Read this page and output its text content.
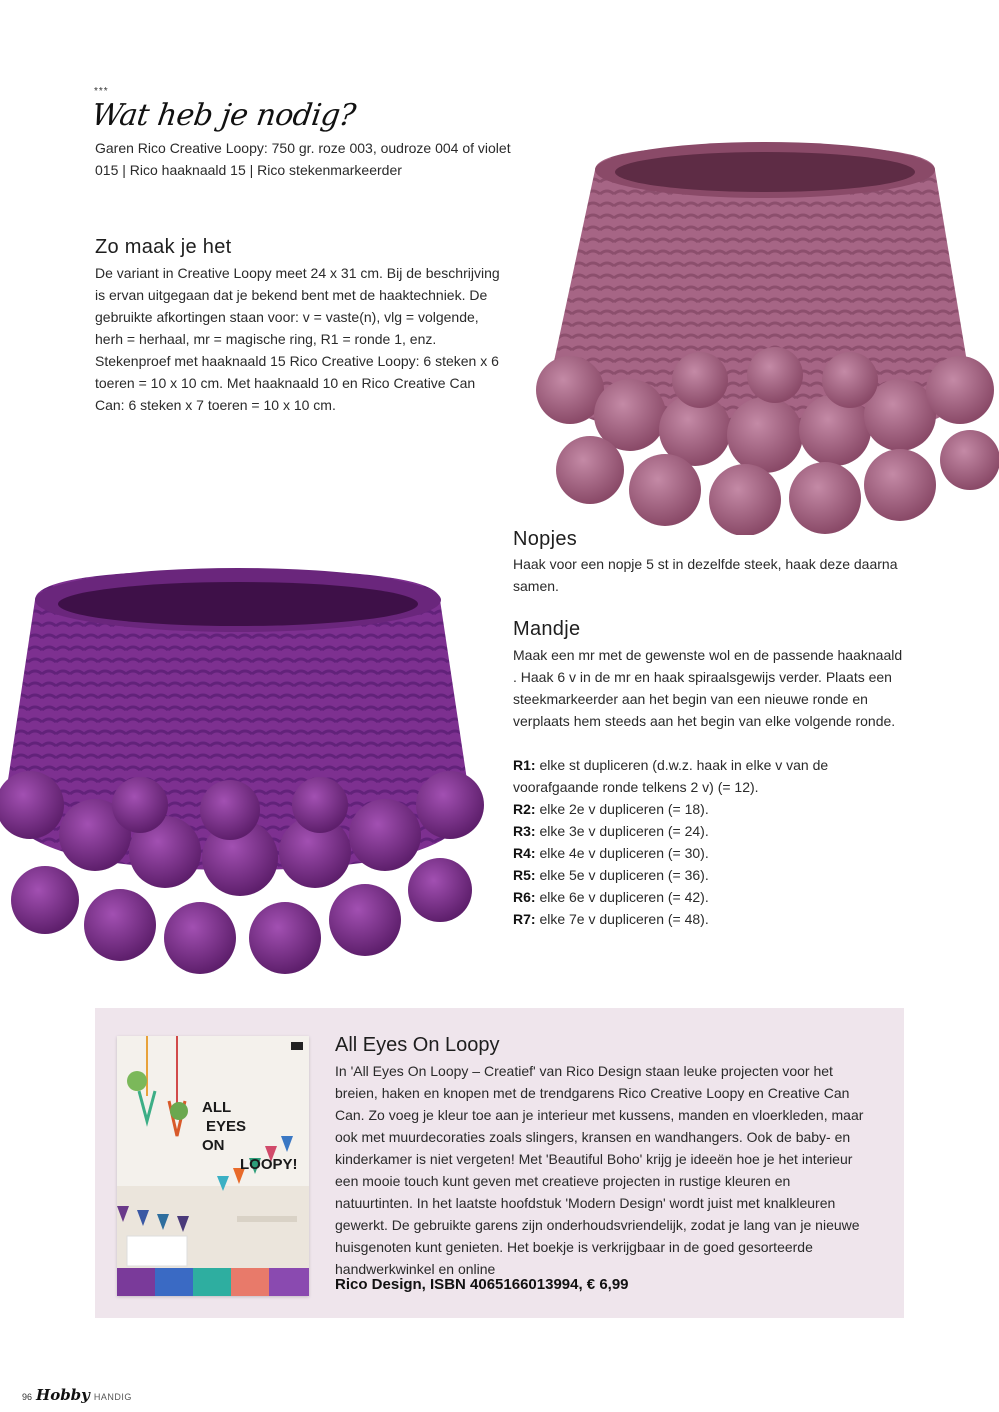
***
Wat heb je nodig?
Garen Rico Creative Loopy: 750 gr. roze 003, oudroze 004 of violet 015 | Rico haaknaald 15 | Rico stekenmarkeerder
Zo maak je het
De variant in Creative Loopy meet 24 x 31 cm. Bij de beschrijving is ervan uitgegaan dat je bekend bent met de haaktechniek. De gebruikte afkortingen staan voor: v = vaste(n), vlg = volgende, herh = herhaal, mr = magische ring, R1 = ronde 1, enz. Stekenproef met haaknaald 15 Rico Creative Loopy: 6 steken x 6 toeren = 10 x 10 cm. Met haaknaald 10 en Rico Creative Can Can: 6 steken x 7 toeren = 10 x 10 cm.
Nopjes
Haak voor een nopje 5 st in dezelfde steek, haak deze daarna samen.
Mandje
Maak een mr met de gewenste wol en de passende haaknaald . Haak 6 v in de mr en haak spiraalsgewijs verder. Plaats een steekmarkeerder aan het begin van een nieuwe ronde en verplaats hem steeds aan het begin van elke volgende ronde.
R1: elke st dupliceren (d.w.z. haak in elke v van de voorafgaande ronde telkens 2 v) (= 12).
R2: elke 2e v dupliceren (= 18).
R3: elke 3e v dupliceren (= 24).
R4: elke 4e v dupliceren (= 30).
R5: elke 5e v dupliceren (= 36).
R6: elke 6e v dupliceren (= 42).
R7: elke 7e v dupliceren (= 48).
ALL
EYES
ON
LOOPY!
All Eyes On Loopy
In 'All Eyes On Loopy – Creatief' van Rico Design staan leuke projecten voor het breien, haken en knopen met de trendgarens Rico Creative Loopy en Creative Can Can. Zo voeg je kleur toe aan je interieur met kussens, manden en vloerkleden, maar ook met muurdecoraties zoals slingers, kransen en wandhangers. Ook de baby- en kinderkamer is niet vergeten! Met 'Beautiful Boho' krijg je ideeën hoe je het interieur een mooie touch kunt geven met creatieve projecten in rustige kleuren en natuurtinten. In het laatste hoofdstuk 'Modern Design' wordt juist met knalkleuren gewerkt. De gebruikte garens zijn onderhoudsvriendelijk, zodat je lang van je nieuwe huisgenoten kunt genieten. Het boekje is verkrijgbaar in de goed gesorteerde handwerkwinkel en online
Rico Design, ISBN 4065166013994, € 6,99
96 Hobby HANDIG
